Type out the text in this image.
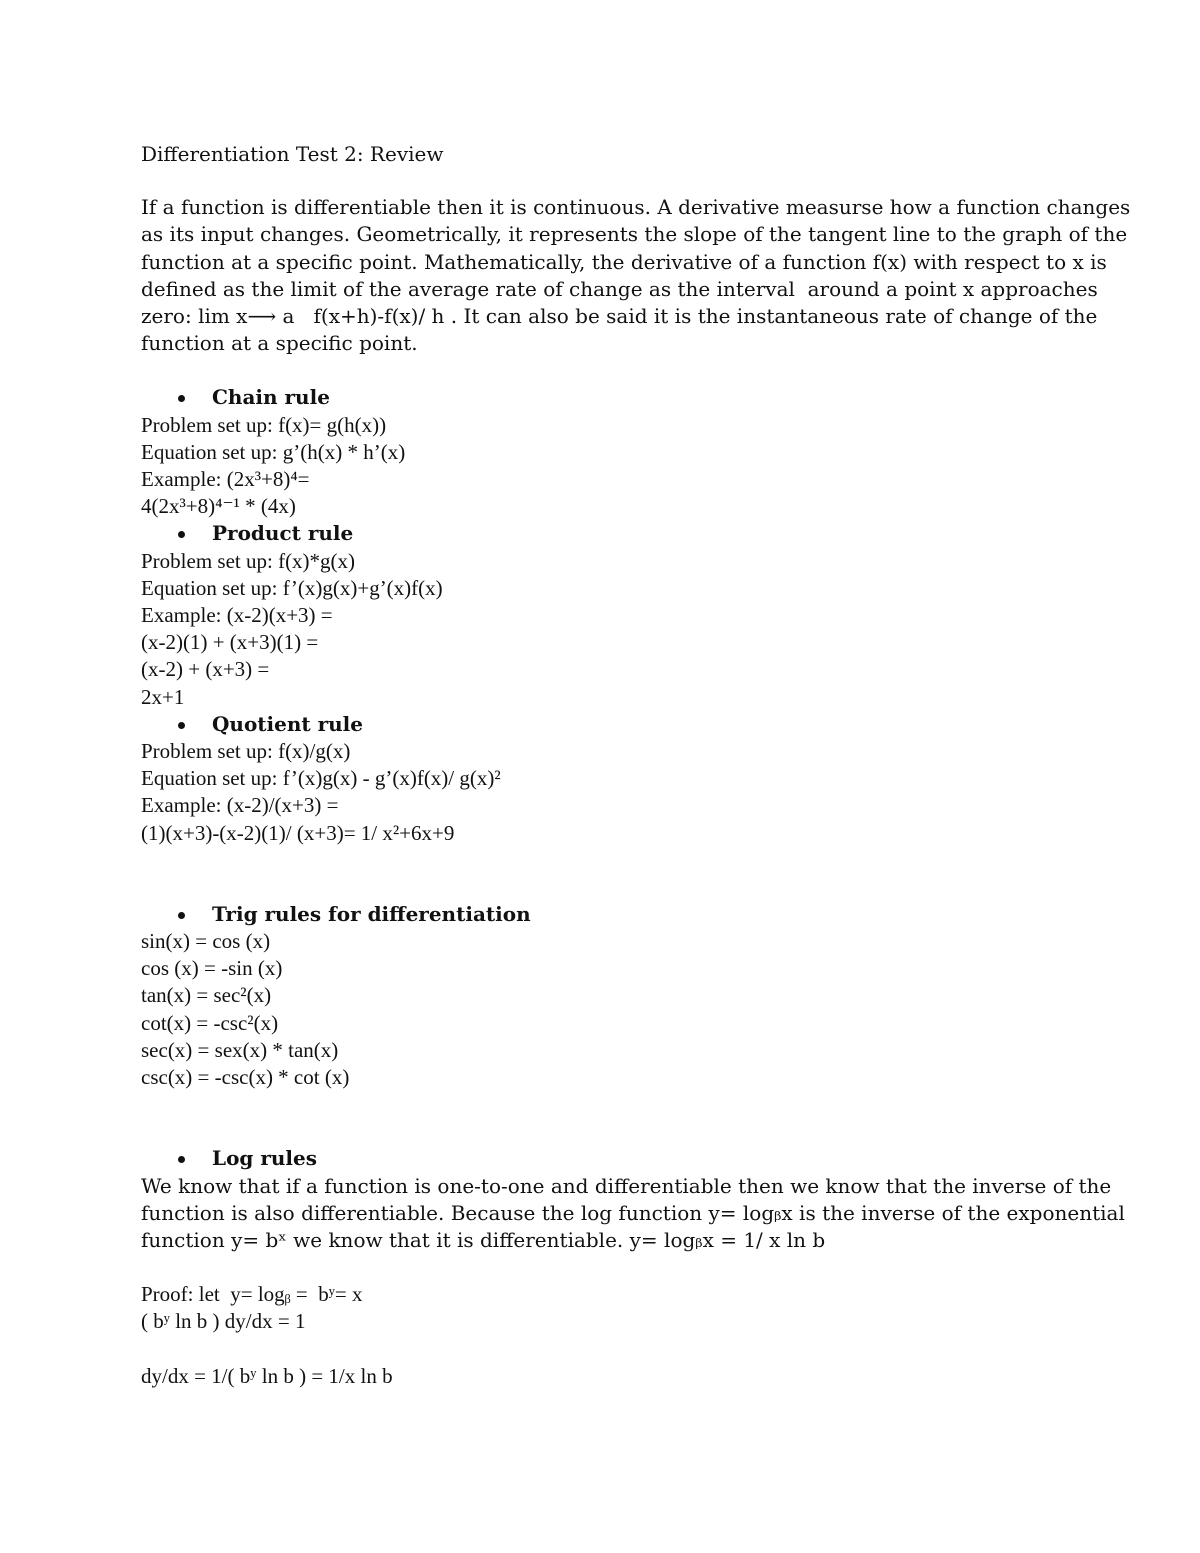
Differentiation Test 2: Review
If a function is differentiable then it is continuous. A derivative measurse how a function changes
as its input changes. Geometrically, it represents the slope of the tangent line to the graph of the
function at a specific point. Mathematically, the derivative of a function f(x) with respect to x is
defined as the limit of the average rate of change as the interval  around a point x approaches
zero: lim x⟶ a   f(x+h)-f(x)/ h . It can also be said it is the instantaneous rate of change of the
function at a specific point.
Chain rule
Problem set up: f(x)= g(h(x))
Equation set up: g’(h(x) * h’(x)
Example: (2x³+8)⁴=
4(2x³+8)⁴⁻¹ * (4x)
Product rule
Problem set up: f(x)*g(x)
Equation set up: f’(x)g(x)+g’(x)f(x)
Example: (x-2)(x+3) =
(x-2)(1) + (x+3)(1) =
(x-2) + (x+3) =
2x+1
Quotient rule
Problem set up: f(x)/g(x)
Equation set up: f’(x)g(x) - g’(x)f(x)/ g(x)²
Example: (x-2)/(x+3) =
(1)(x+3)-(x-2)(1)/ (x+3)= 1/ x²+6x+9
Trig rules for differentiation
sin(x) = cos (x)
cos (x) = -sin (x)
tan(x) = sec²(x)
cot(x) = -csc²(x)
sec(x) = sex(x) * tan(x)
csc(x) = -csc(x) * cot (x)
Log rules
We know that if a function is one-to-one and differentiable then we know that the inverse of the
function is also differentiable. Because the log function y= logᵦx is the inverse of the exponential
function y= bˣ we know that it is differentiable. y= logᵦx = 1/ x ln b
Proof: let  y= logᵦ =  bʸ= x
( bʸ ln b ) dy/dx = 1
dy/dx = 1/( bʸ ln b ) = 1/x ln b
